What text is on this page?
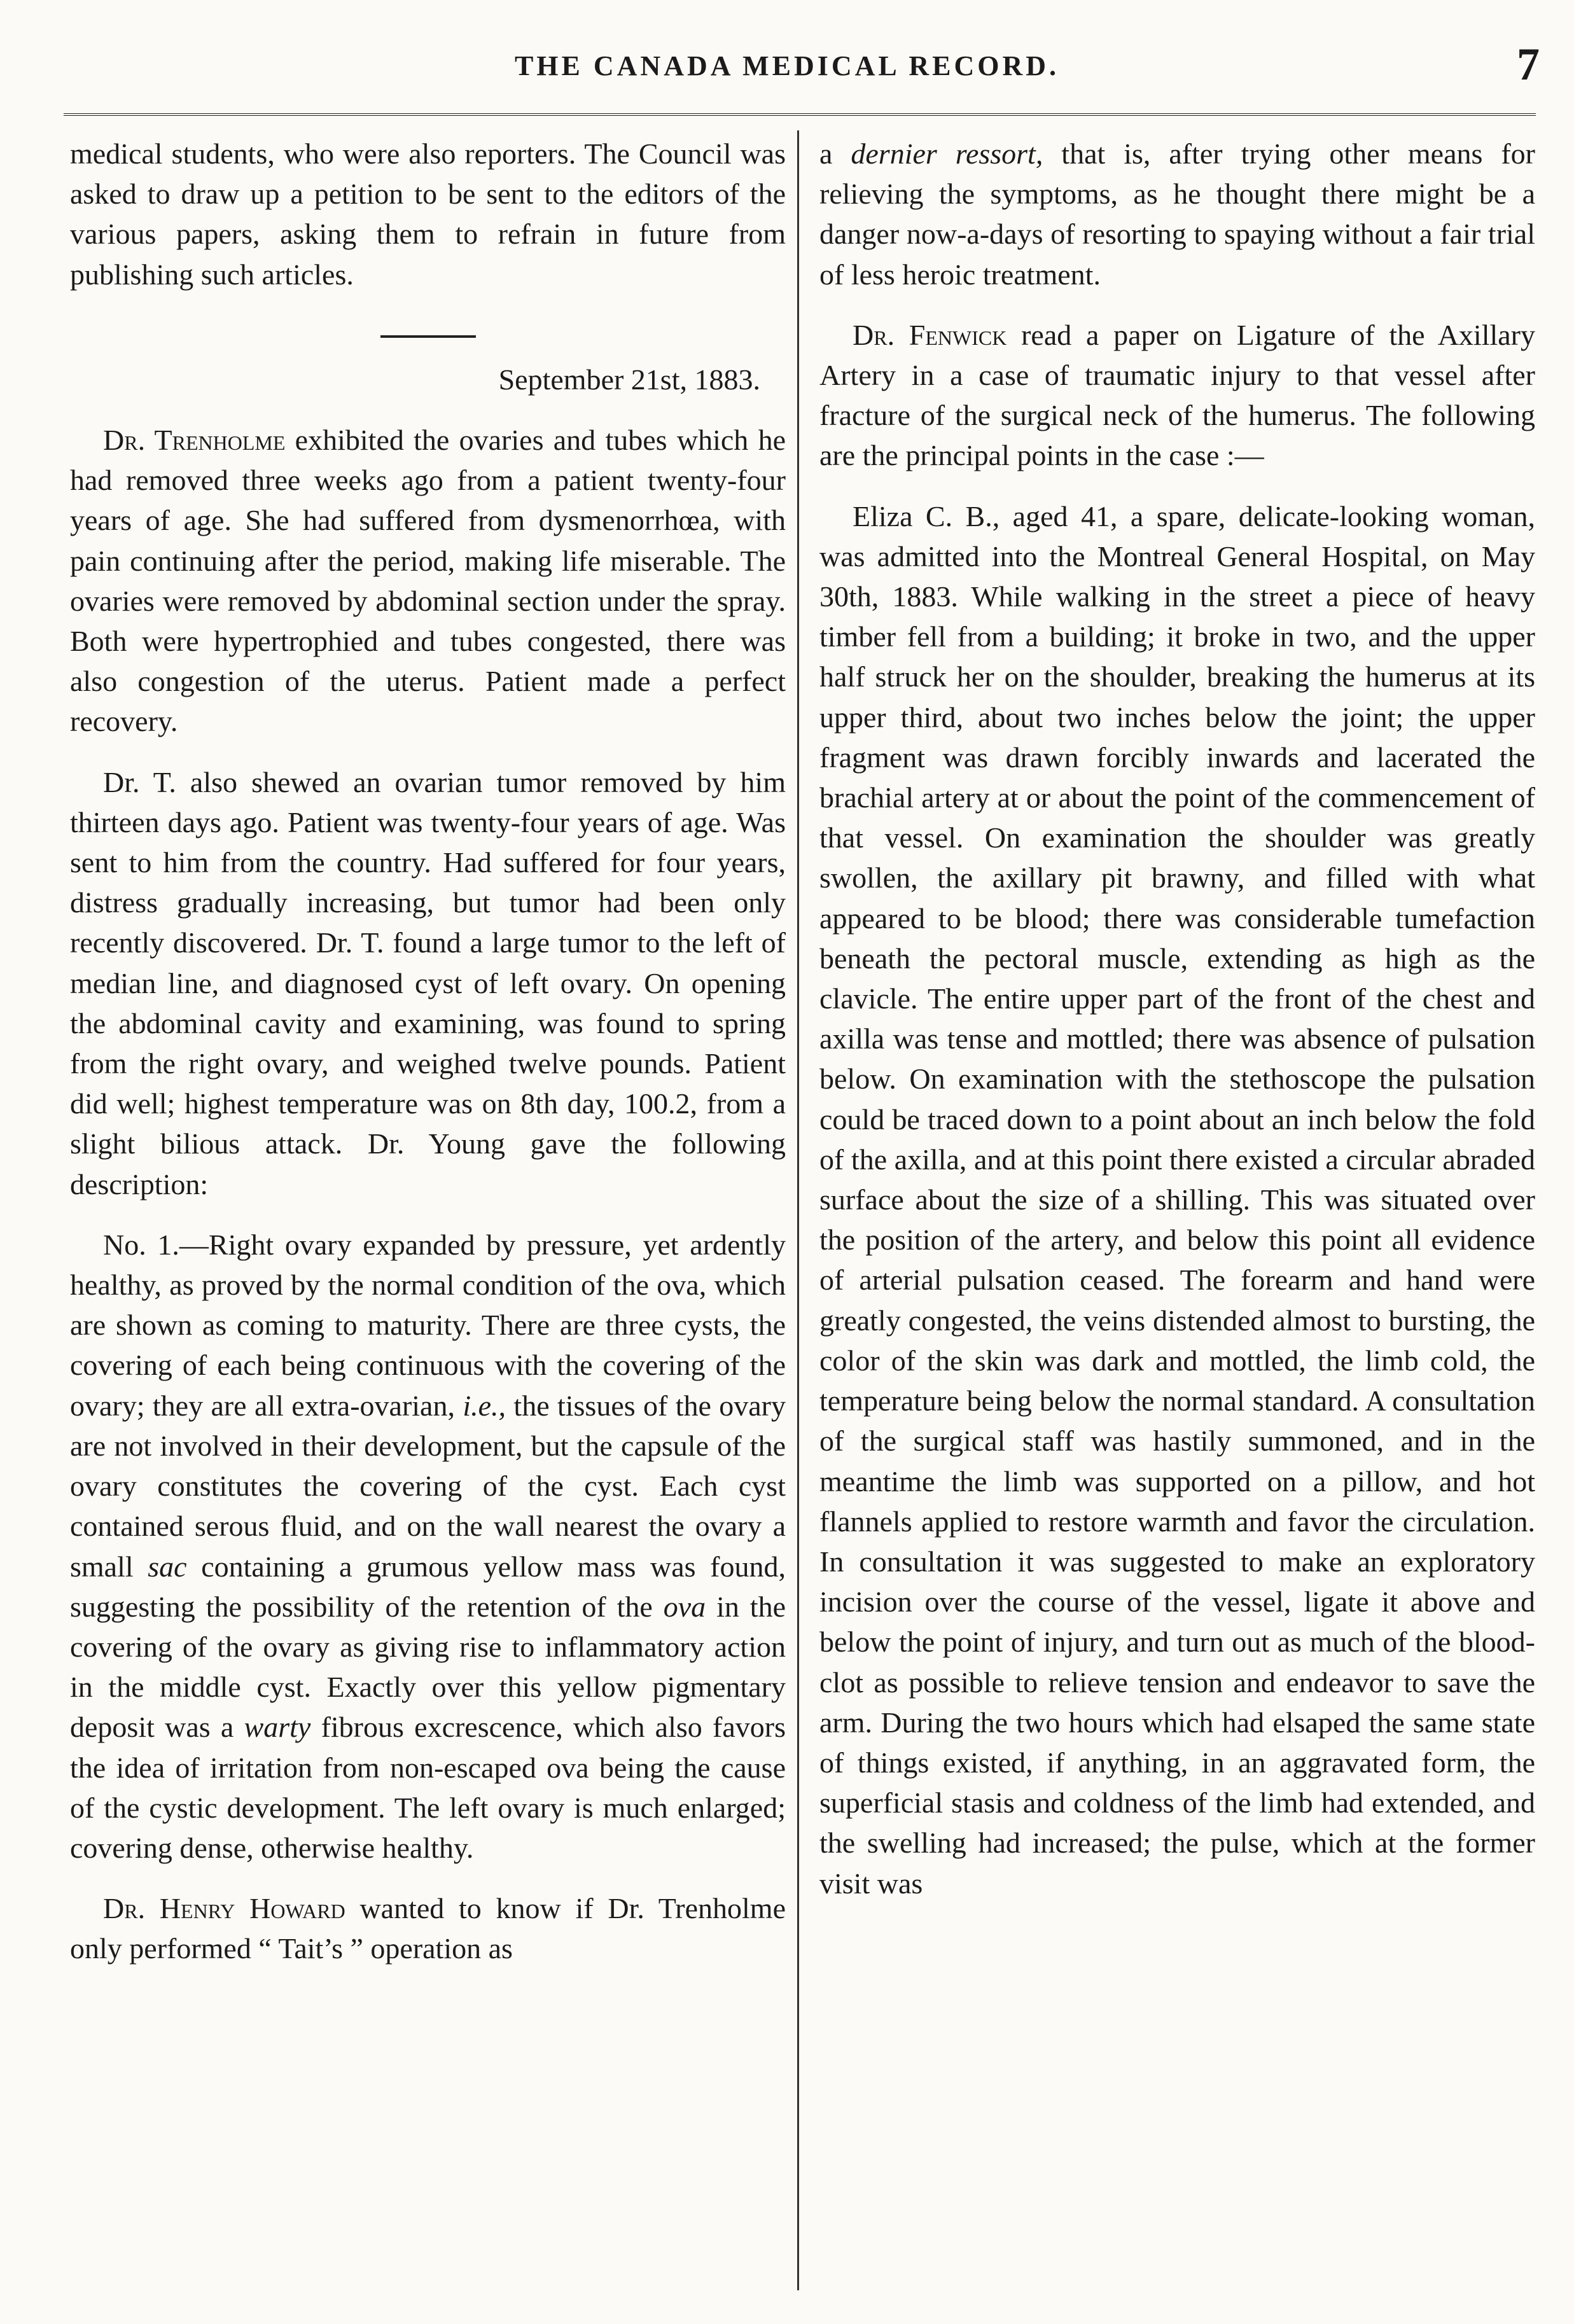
THE CANADA MEDICAL RECORD.	7

medical students, who were also reporters. The Council was asked to draw up a petition to be sent to the editors of the various papers, asking them to refrain in future from publishing such articles.

September 21st, 1883.

Dr. Trenholme exhibited the ovaries and tubes which he had removed three weeks ago from a patient twenty-four years of age. She had suffered from dysmenorrhœa, with pain continuing after the period, making life miserable. The ovaries were removed by abdominal section under the spray. Both were hypertrophied and tubes congested, there was also congestion of the uterus. Patient made a perfect recovery.

Dr. T. also shewed an ovarian tumor removed by him thirteen days ago. Patient was twenty-four years of age. Was sent to him from the country. Had suffered for four years, distress gradually increasing, but tumor had been only recently discovered. Dr. T. found a large tumor to the left of median line, and diagnosed cyst of left ovary. On opening the abdominal cavity and examining, was found to spring from the right ovary, and weighed twelve pounds. Patient did well; highest temperature was on 8th day, 100.2, from a slight bilious attack. Dr. Young gave the following description:

No. 1.—Right ovary expanded by pressure, yet ardently healthy, as proved by the normal condition of the ova, which are shown as coming to maturity. There are three cysts, the covering of each being continuous with the covering of the ovary; they are all extra-ovarian, i.e., the tissues of the ovary are not involved in their development, but the capsule of the ovary constitutes the covering of the cyst. Each cyst contained serous fluid, and on the wall nearest the ovary a small sac containing a grumous yellow mass was found, suggesting the possibility of the retention of the ova in the covering of the ovary as giving rise to inflammatory action in the middle cyst. Exactly over this yellow pigmentary deposit was a warty fibrous excrescence, which also favors the idea of irritation from non-escaped ova being the cause of the cystic development. The left ovary is much enlarged; covering dense, otherwise healthy.

Dr. Henry Howard wanted to know if Dr. Trenholme only performed “ Tait’s ” operation as

a dernier ressort, that is, after trying other means for relieving the symptoms, as he thought there might be a danger now-a-days of resorting to spaying without a fair trial of less heroic treatment.

Dr. Fenwick read a paper on Ligature of the Axillary Artery in a case of traumatic injury to that vessel after fracture of the surgical neck of the humerus. The following are the principal points in the case :—

Eliza C. B., aged 41, a spare, delicate-looking woman, was admitted into the Montreal General Hospital, on May 30th, 1883. While walking in the street a piece of heavy timber fell from a building; it broke in two, and the upper half struck her on the shoulder, breaking the humerus at its upper third, about two inches below the joint; the upper fragment was drawn forcibly inwards and lacerated the brachial artery at or about the point of the commencement of that vessel. On examination the shoulder was greatly swollen, the axillary pit brawny, and filled with what appeared to be blood; there was considerable tumefaction beneath the pectoral muscle, extending as high as the clavicle. The entire upper part of the front of the chest and axilla was tense and mottled; there was absence of pulsation below. On examination with the stethoscope the pulsation could be traced down to a point about an inch below the fold of the axilla, and at this point there existed a circular abraded surface about the size of a shilling. This was situated over the position of the artery, and below this point all evidence of arterial pulsation ceased. The forearm and hand were greatly congested, the veins distended almost to bursting, the color of the skin was dark and mottled, the limb cold, the temperature being below the normal standard. A consultation of the surgical staff was hastily summoned, and in the meantime the limb was supported on a pillow, and hot flannels applied to restore warmth and favor the circulation. In consultation it was suggested to make an exploratory incision over the course of the vessel, ligate it above and below the point of injury, and turn out as much of the blood-clot as possible to relieve tension and endeavor to save the arm. During the two hours which had elsaped the same state of things existed, if anything, in an aggravated form, the superficial stasis and coldness of the limb had extended, and the swelling had increased; the pulse, which at the former visit was
